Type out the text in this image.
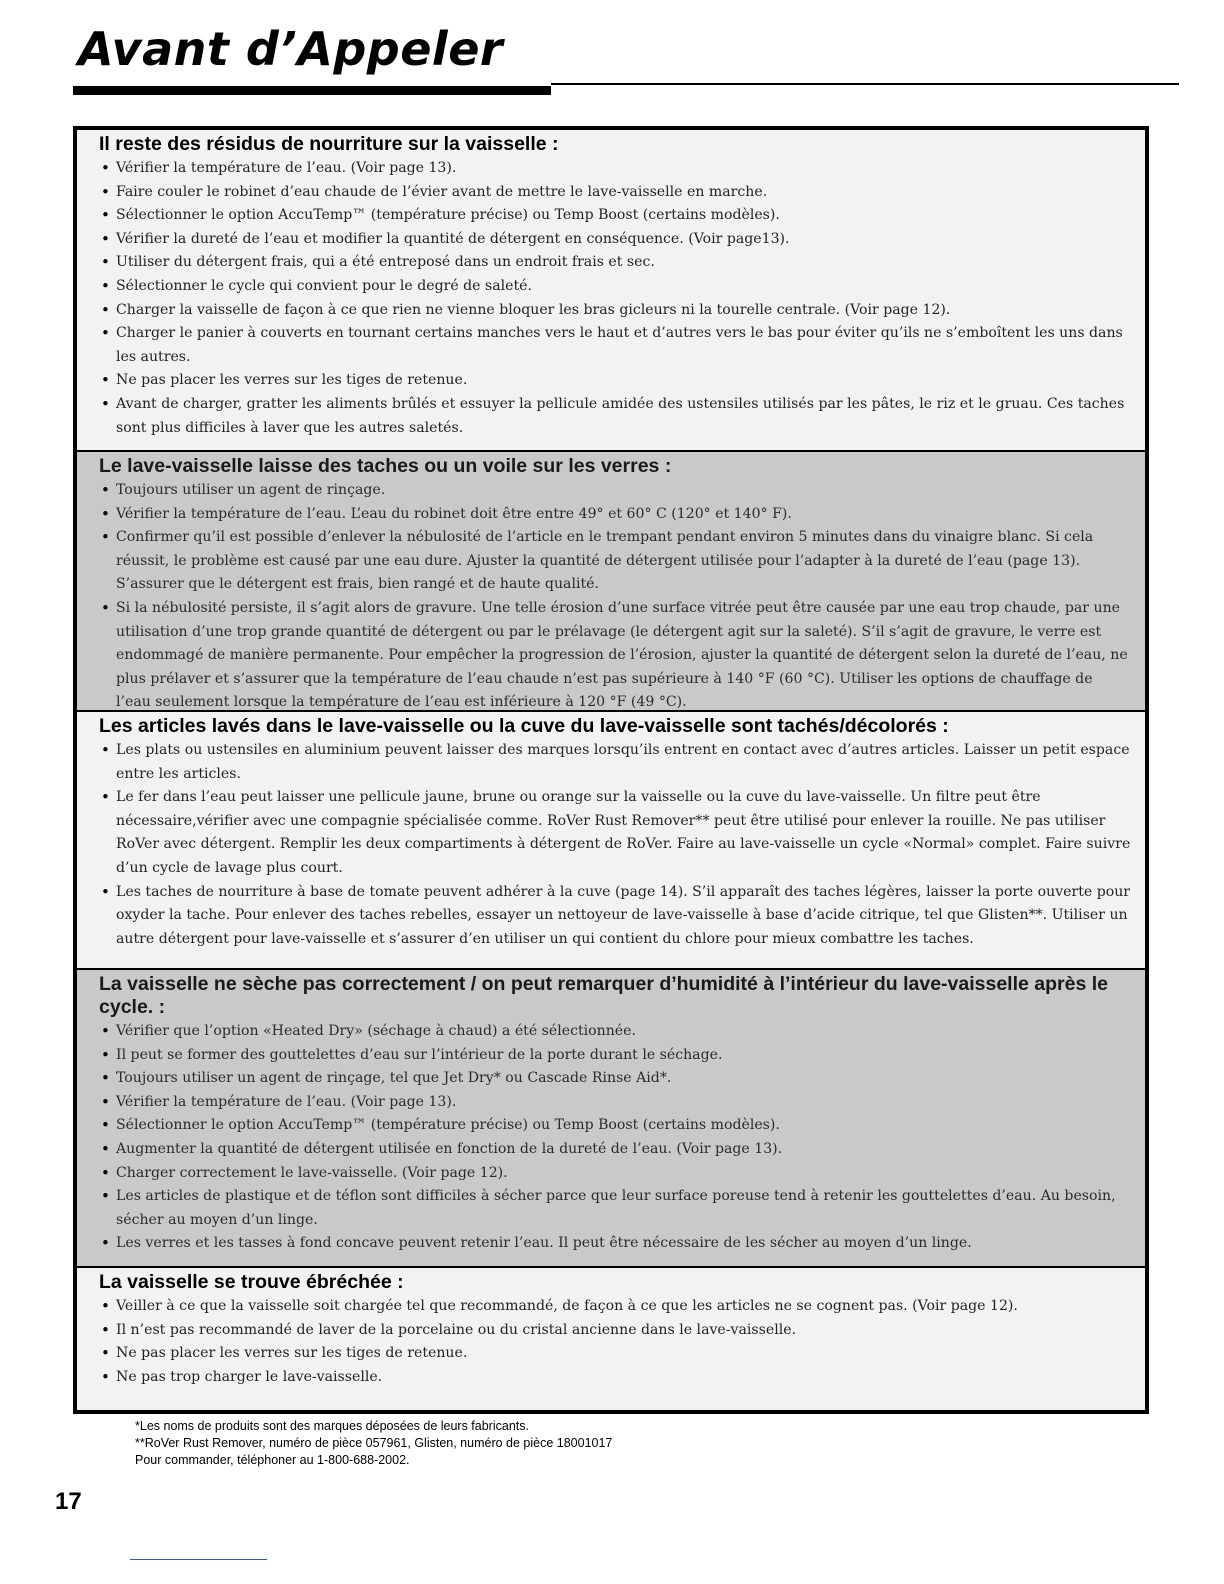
Avant d’Appeler
Il reste des résidus de nourriture sur la vaisselle :
• Vérifier la température de l’eau. (Voir page 13).
• Faire couler le robinet d’eau chaude de l’évier avant de mettre le lave-vaisselle en marche.
• Sélectionner le option AccuTemp™ (température précise) ou Temp Boost (certains modèles).
• Vérifier la dureté de l’eau et modifier la quantité de détergent en conséquence. (Voir page13).
• Utiliser du détergent frais, qui a été entreposé dans un endroit frais et sec.
• Sélectionner le cycle qui convient pour le degré de saleté.
• Charger la vaisselle de façon à ce que rien ne vienne bloquer les bras gicleurs ni la tourelle centrale. (Voir page 12).
• Charger le panier à couverts en tournant certains manches vers le haut et d’autres vers le bas pour éviter qu’ils ne s’emboîtent les uns dans les autres.
• Ne pas placer les verres sur les tiges de retenue.
• Avant de charger, gratter les aliments brûlés et essuyer la pellicule amidée des ustensiles utilisés par les pâtes, le riz et le gruau. Ces taches sont plus difficiles à laver que les autres saletés.
Le lave-vaisselle laisse des taches ou un voile sur les verres :
• Toujours utiliser un agent de rinçage.
• Vérifier la température de l’eau. L’eau du robinet doit être entre 49° et 60° C (120° et 140° F).
• Confirmer qu’il est possible d’enlever la nébulosité de l’article en le trempant pendant environ 5 minutes dans du vinaigre blanc. Si cela réussit, le problème est causé par une eau dure. Ajuster la quantité de détergent utilisée pour l’adapter à la dureté de l’eau (page 13). S’assurer que le détergent est frais, bien rangé et de haute qualité.
• Si la nébulosité persiste, il s’agit alors de gravure. Une telle érosion d’une surface vitrée peut être causée par une eau trop chaude, par une utilisation d’une trop grande quantité de détergent ou par le prélavage (le détergent agit sur la saleté). S’il s’agit de gravure, le verre est endommagé de manière permanente. Pour empêcher la progression de l’érosion, ajuster la quantité de détergent selon la dureté de l’eau, ne plus prélaver et s’assurer que la température de l’eau chaude n’est pas supérieure à 140 °F (60 °C). Utiliser les options de chauffage de l’eau seulement lorsque la température de l’eau est inférieure à 120 °F (49 °C).
Les articles lavés dans le lave-vaisselle ou la cuve du lave-vaisselle sont tachés/décolorés :
• Les plats ou ustensiles en aluminium peuvent laisser des marques lorsqu’ils entrent en contact avec d’autres articles. Laisser un petit espace entre les articles.
• Le fer dans l’eau peut laisser une pellicule jaune, brune ou orange sur la vaisselle ou la cuve du lave-vaisselle. Un filtre peut être nécessaire,vérifier avec une compagnie spécialisée comme. RoVer Rust Remover** peut être utilisé pour enlever la rouille. Ne pas utiliser RoVer avec détergent. Remplir les deux compartiments à détergent de RoVer. Faire au lave-vaisselle un cycle «Normal» complet. Faire suivre d’un cycle de lavage plus court.
• Les taches de nourriture à base de tomate peuvent adhérer à la cuve (page 14). S’il apparaît des taches légères, laisser la porte ouverte pour oxyder la tache. Pour enlever des taches rebelles, essayer un nettoyeur de lave-vaisselle à base d’acide citrique, tel que Glisten**. Utiliser un autre détergent pour lave-vaisselle et s’assurer d’en utiliser un qui contient du chlore pour mieux combattre les taches.
La vaisselle ne sèche pas correctement / on peut remarquer d’humidité à l’intérieur du lave-vaisselle après le cycle. :
• Vérifier que l’option «Heated Dry» (séchage à chaud) a été sélectionnée.
• Il peut se former des gouttelettes d’eau sur l’intérieur de la porte durant le séchage.
• Toujours utiliser un agent de rinçage, tel que Jet Dry* ou Cascade Rinse Aid*.
• Vérifier la température de l’eau. (Voir page 13).
• Sélectionner le option AccuTemp™ (température précise) ou Temp Boost (certains modèles).
• Augmenter la quantité de détergent utilisée en fonction de la dureté de l’eau. (Voir page 13).
• Charger correctement le lave-vaisselle. (Voir page 12).
• Les articles de plastique et de téflon sont difficiles à sécher parce que leur surface poreuse tend à retenir les gouttelettes d’eau. Au besoin, sécher au moyen d’un linge.
• Les verres et les tasses à fond concave peuvent retenir l’eau. Il peut être nécessaire de les sécher au moyen d’un linge.
La vaisselle se trouve ébréchée :
• Veiller à ce que la vaisselle soit chargée tel que recommandé, de façon à ce que les articles ne se cognent pas. (Voir page 12).
• Il n’est pas recommandé de laver de la porcelaine ou du cristal ancienne dans le lave-vaisselle.
• Ne pas placer les verres sur les tiges de retenue.
• Ne pas trop charger le lave-vaisselle.
*Les noms de produits sont des marques déposées de leurs fabricants.
**RoVer Rust Remover, numéro de pièce 057961, Glisten, numéro de pièce 18001017
Pour commander, téléphoner au 1-800-688-2002.
17
